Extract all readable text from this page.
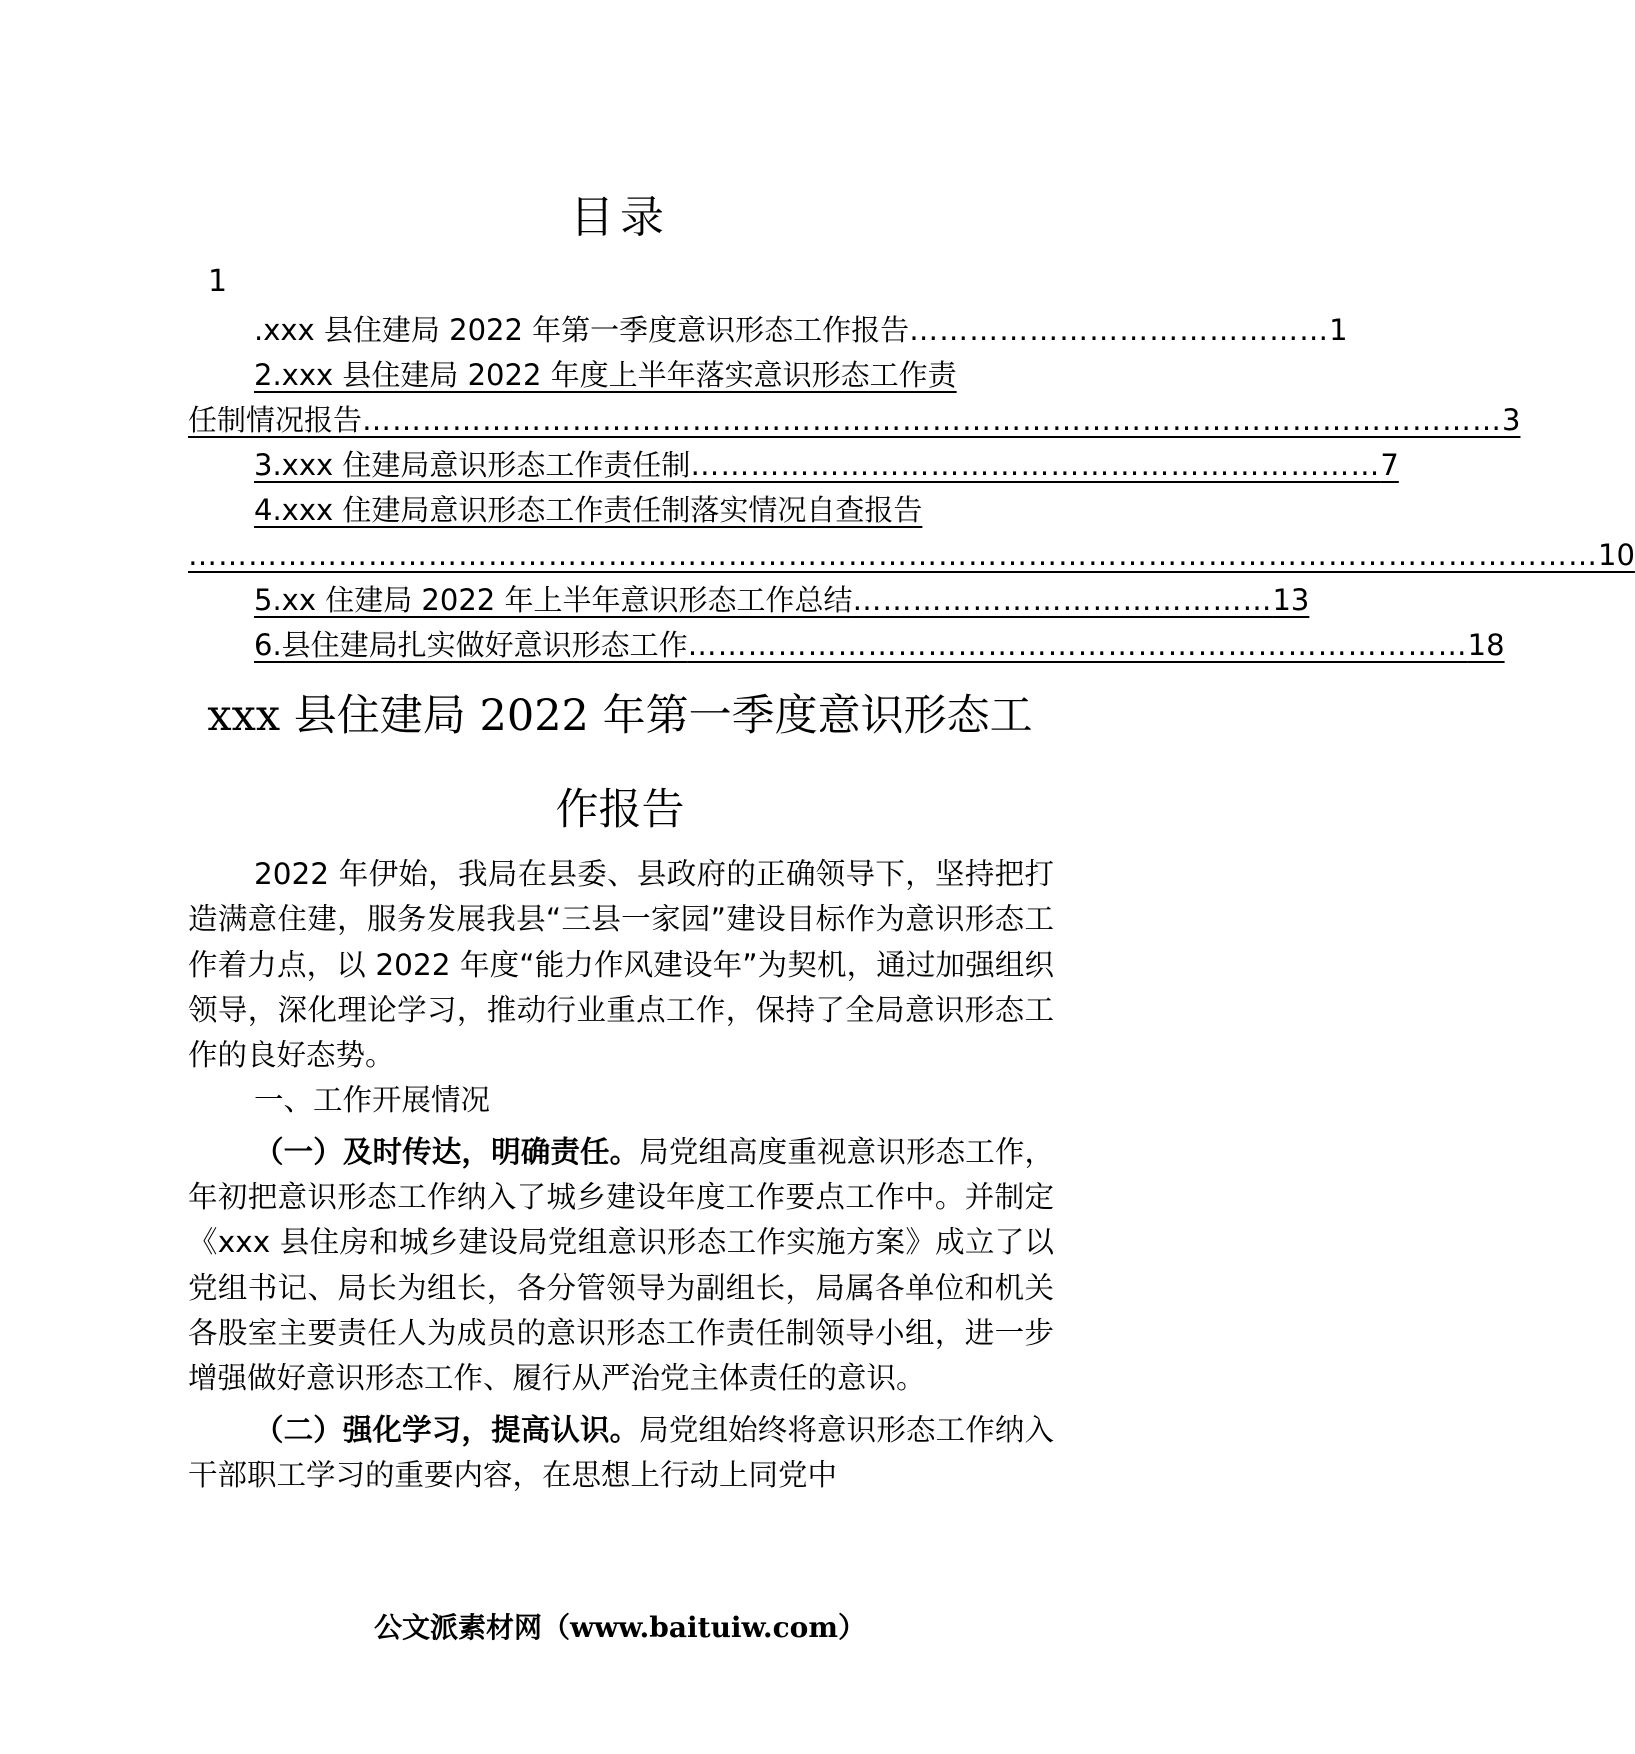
目录
1
.xxx 县住建局 2022 年第一季度意识形态工作报告 …………………………………… 1
2.xxx 县住建局 2022 年度上半年落实意识形态工作责
任制情况报告 …………………………………………………………………………………………………… 3
3.xxx 住建局意识形态工作责任制 …………………………………………………………… 7
4.xxx 住建局意识形态工作责任制落实情况自查报告
…………………………………………………………………………………………………………………………… 10
5.xx 住建局 2022 年上半年意识形态工作总结 …………………………………… 13
6.县住建局扎实做好意识形态工作 …………………………………………………………………… 18
xxx 县住建局 2022 年第一季度意识形态工
作报告

2022 年伊始，我局在县委、县政府的正确领导下，坚持把打造满意住建，服务发展我县“三县一家园”建设目标作为意识形态工作着力点，以 2022 年度“能力作风建设年”为契机，通过加强组织领导，深化理论学习，推动行业重点工作，保持了全局意识形态工作的良好态势。

一、工作开展情况

（一）及时传达，明确责任。局党组高度重视意识形态工作，年初把意识形态工作纳入了城乡建设年度工作要点工作中。并制定《xxx 县住房和城乡建设局党组意识形态工作实施方案》成立了以党组书记、局长为组长，各分管领导为副组长，局属各单位和机关各股室主要责任人为成员的意识形态工作责任制领导小组，进一步增强做好意识形态工作、履行从严治党主体责任的意识。

（二）强化学习，提高认识。局党组始终将意识形态工作纳入干部职工学习的重要内容，在思想上行动上同党中

公文派素材网（www.baituiw.com）
